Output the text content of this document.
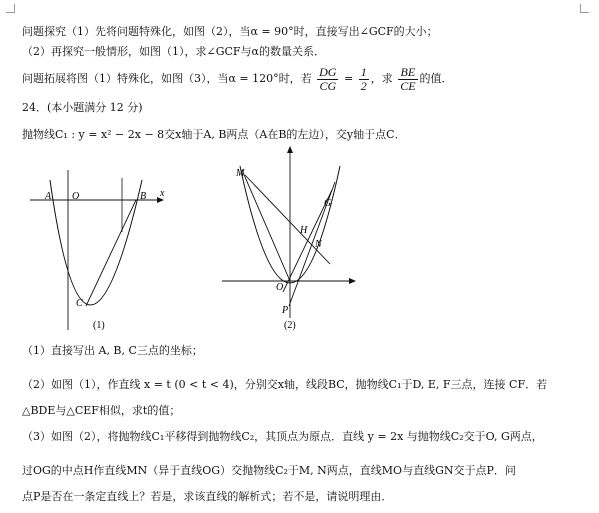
问题探究（1）先将问题特殊化，如图（2），当α = 90°时，直接写出∠GCF的大小；
（2）再探究一般情形，如图（1），求∠GCF与α的数量关系．
问题拓展将图（1）特殊化，如图（3），当α = 120°时，若 $\frac{DG}{CG} = \frac{1}{2}$ ，求 $\frac{BE}{CE}$ 的值．
24．(本小题满分 12 分)
抛物线C₁ : y = x² − 2x − 8交x轴于A, B两点（A在B的左边），交y轴于点C．
A O	B x
C
(1)
M
G
H
N
O
P
(2)
（1）直接写出 A, B, C三点的坐标；
（2）如图（1），作直线 x = t (0 < t < 4)，分别交x轴，线段BC，抛物线C₁于D, E, F三点，连接 CF．若
△BDE与△CEF相似，求t的值；
（3）如图（2），将抛物线C₁平移得到抛物线C₂，其顶点为原点．直线 y = 2x 与抛物线C₂交于O, G两点，
过OG的中点H作直线MN（异于直线OG）交抛物线C₂于M, N两点，直线MO与直线GN交于点P．问
点P是否在一条定直线上？若是，求该直线的解析式；若不是，请说明理由．
